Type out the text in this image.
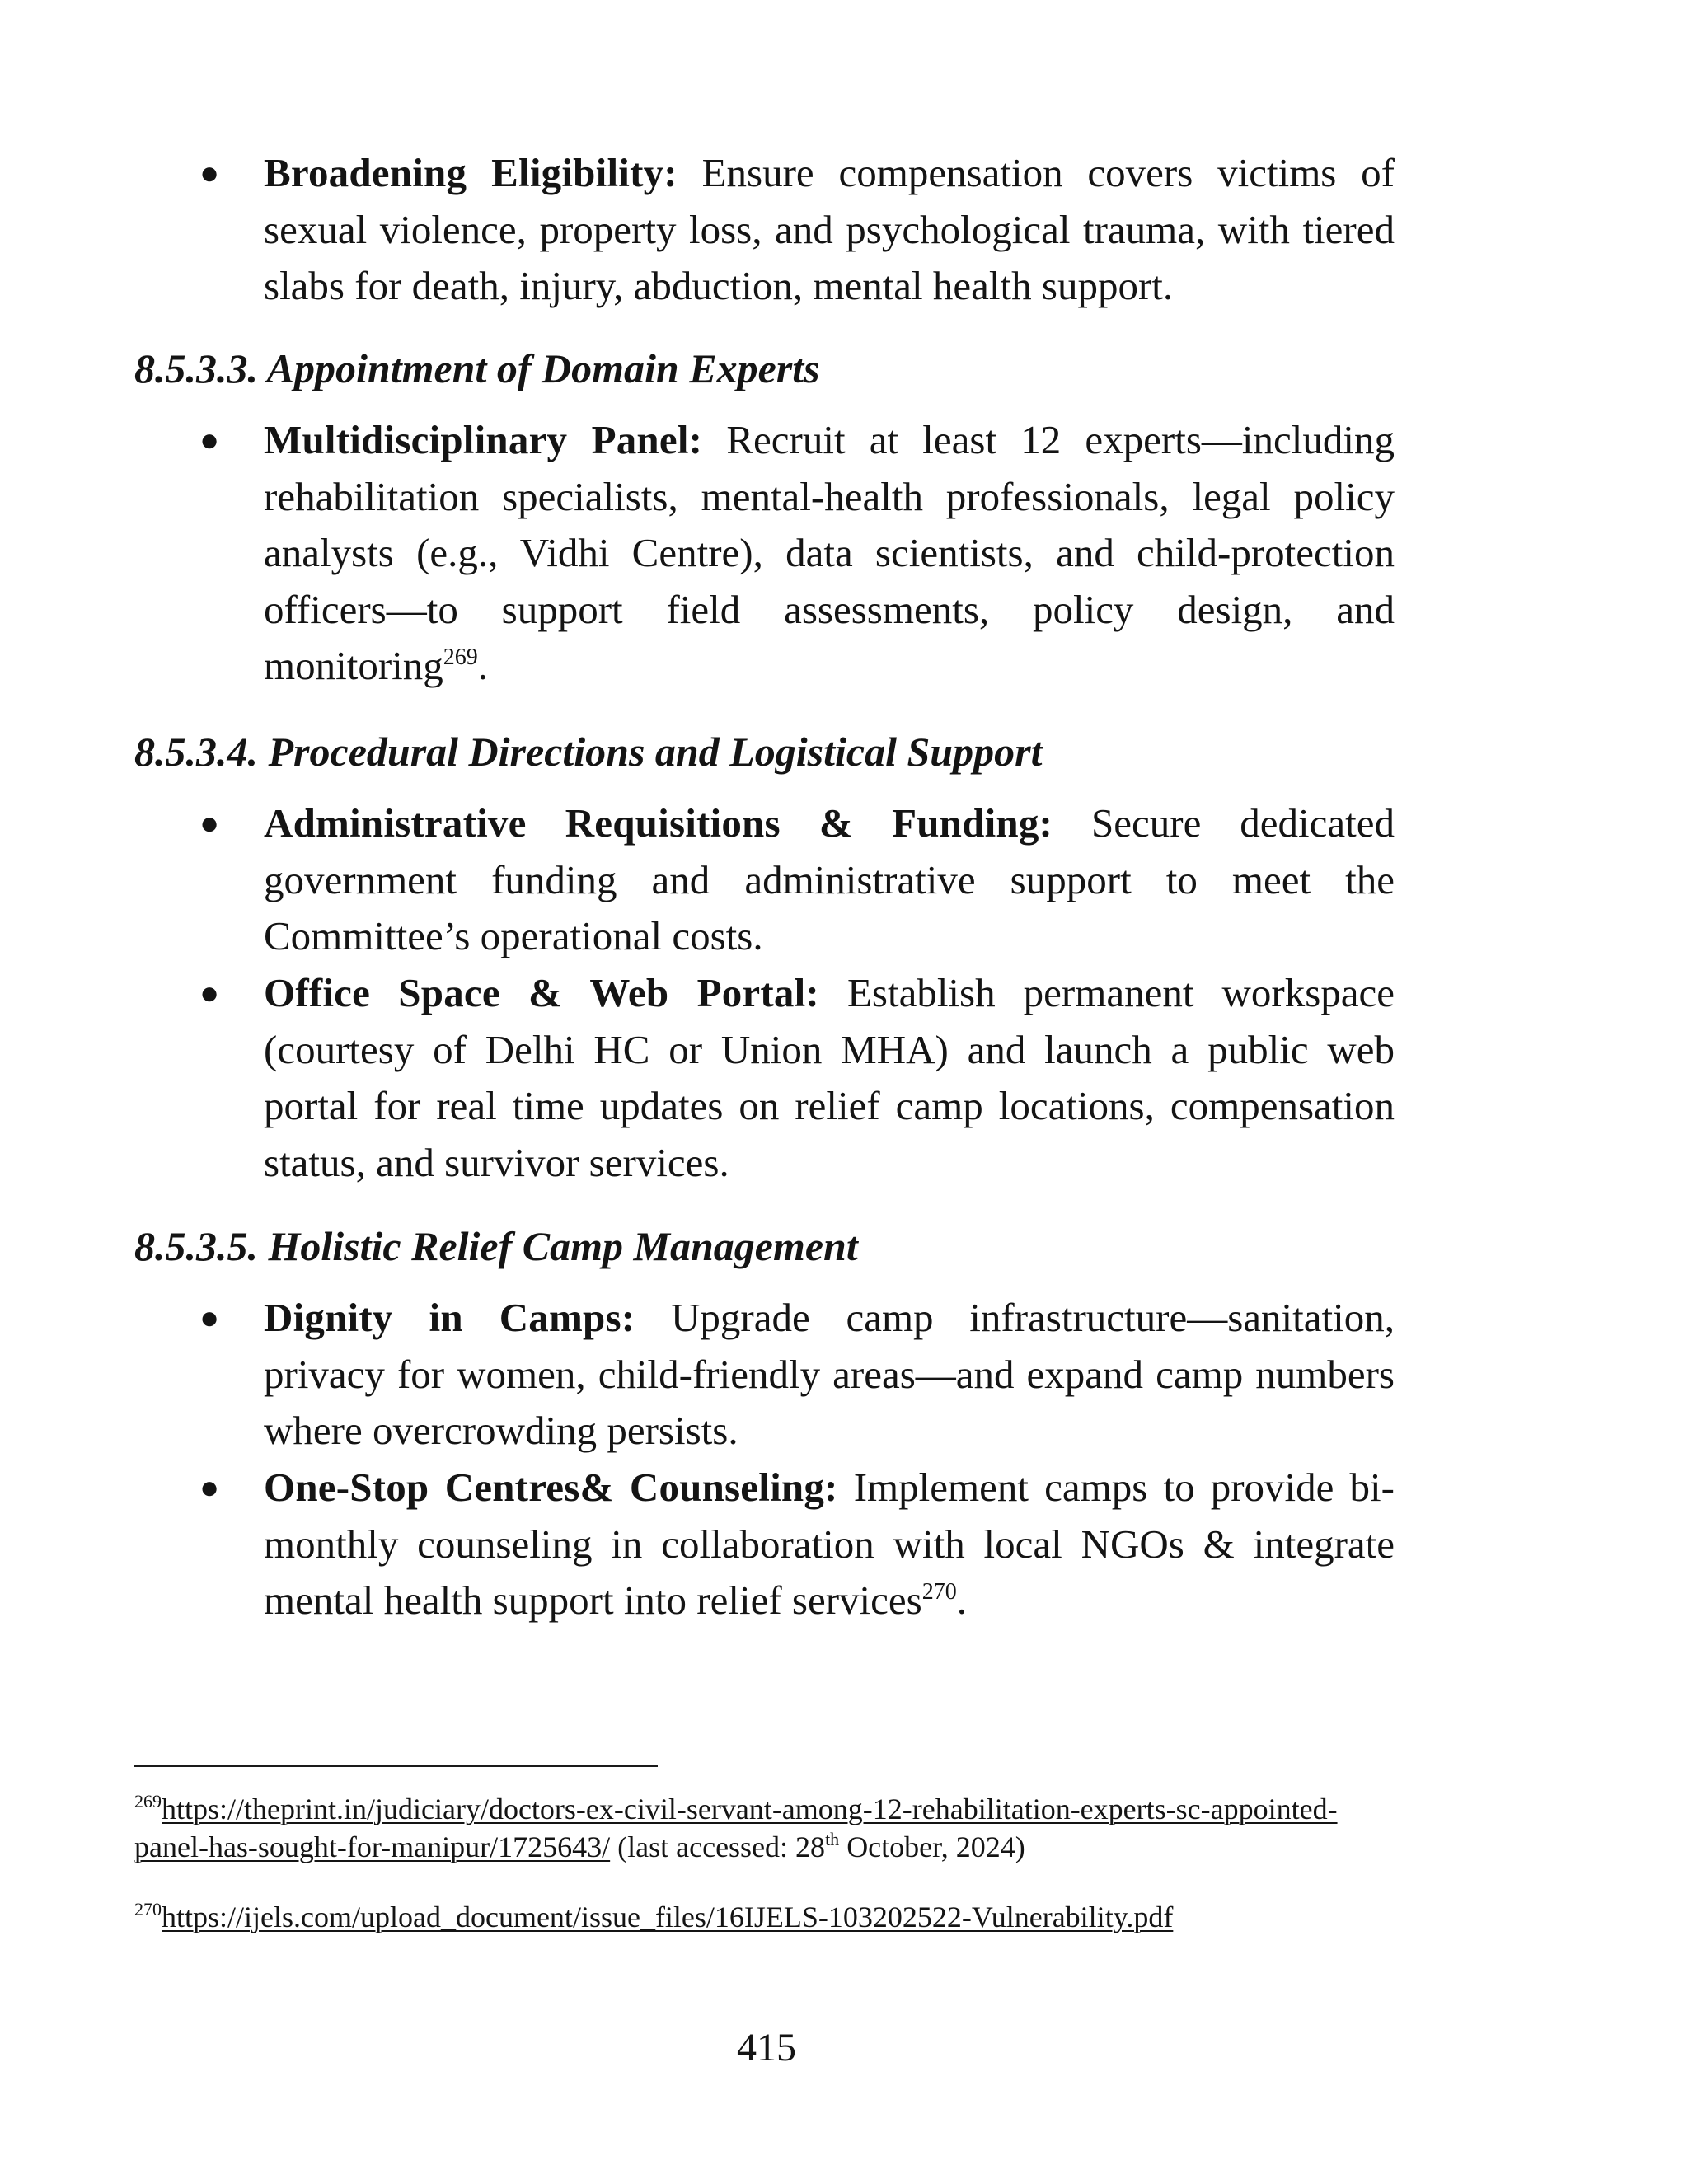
● Broadening Eligibility: Ensure compensation covers victims of sexual violence, property loss, and psychological trauma, with tiered slabs for death, injury, abduction, mental health support.
8.5.3.3. Appointment of Domain Experts
● Multidisciplinary Panel: Recruit at least 12 experts—including rehabilitation specialists, mental-health professionals, legal policy analysts (e.g., Vidhi Centre), data scientists, and child-protection officers—to support field assessments, policy design, and monitoring$^{269}$.
8.5.3.4. Procedural Directions and Logistical Support
● Administrative Requisitions & Funding: Secure dedicated government funding and administrative support to meet the Committee’s operational costs.
● Office Space & Web Portal: Establish permanent workspace (courtesy of Delhi HC or Union MHA) and launch a public web portal for real time updates on relief camp locations, compensation status, and survivor services.
8.5.3.5. Holistic Relief Camp Management
● Dignity in Camps: Upgrade camp infrastructure—sanitation, privacy for women, child-friendly areas—and expand camp numbers where overcrowding persists.
● One-Stop Centres& Counseling: Implement camps to provide bi-monthly counseling in collaboration with local NGOs & integrate mental health support into relief services$^{270}$.
$^{269}$https://theprint.in/judiciary/doctors-ex-civil-servant-among-12-rehabilitation-experts-sc-appointed-panel-has-sought-for-manipur/1725643/ (last accessed: 28th October, 2024)
$^{270}$https://ijels.com/upload_document/issue_files/16IJELS-103202522-Vulnerability.pdf
415
